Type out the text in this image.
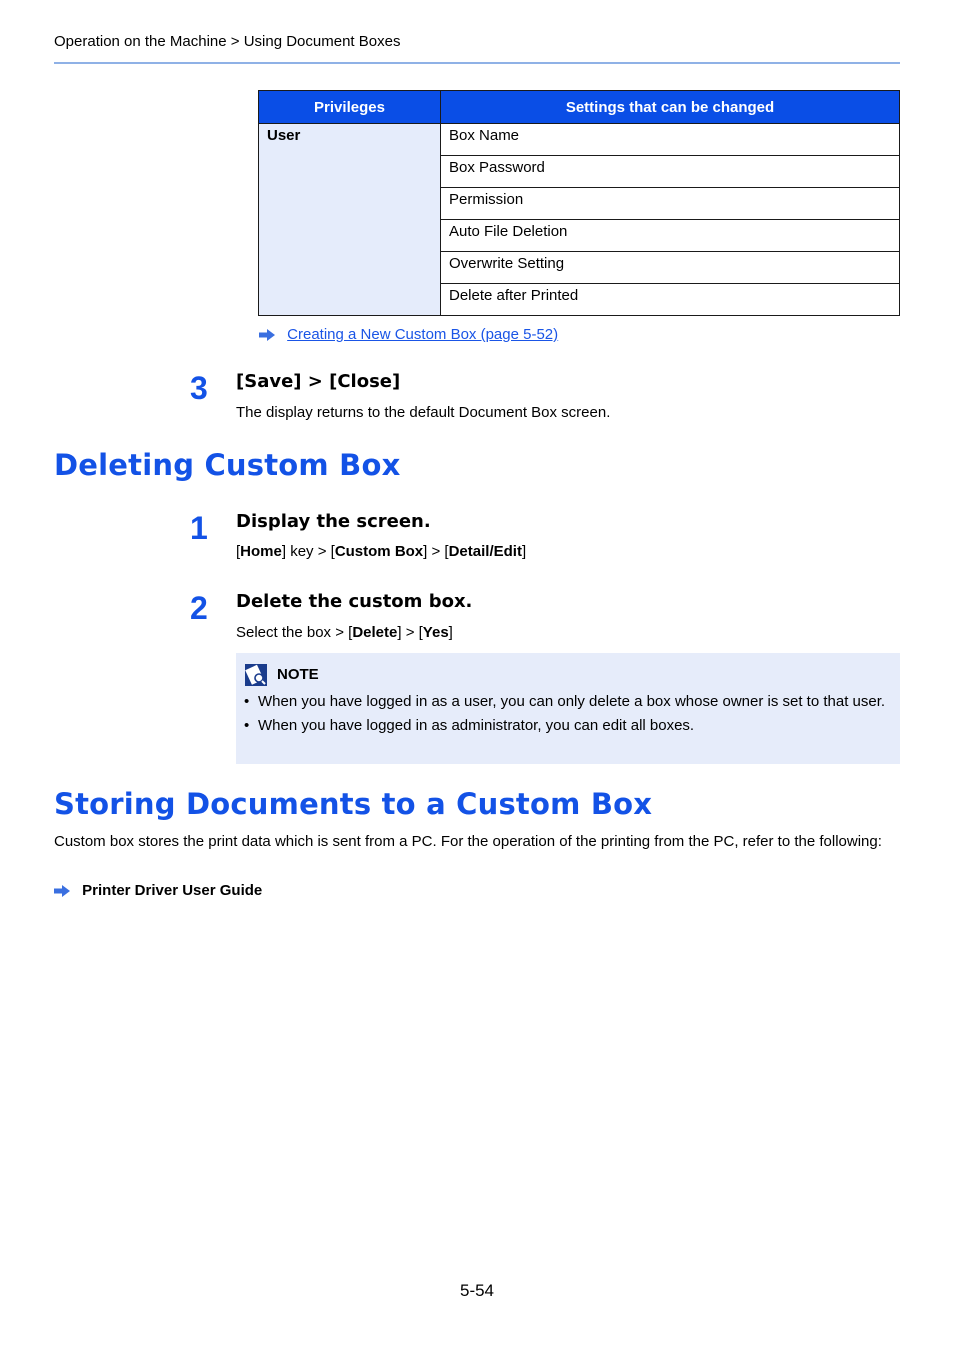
Operation on the Machine > Using Document Boxes
Privileges	Settings that can be changed
User	Box Name
	Box Password
	Permission
	Auto File Deletion
	Overwrite Setting
	Delete after Printed
Creating a New Custom Box (page 5-52)
3 [Save] > [Close]
The display returns to the default Document Box screen.
Deleting Custom Box
1 Display the screen.
[Home] key > [Custom Box] > [Detail/Edit]
2 Delete the custom box.
Select the box > [Delete] > [Yes]
NOTE
• When you have logged in as a user, you can only delete a box whose owner is set to that user.
• When you have logged in as administrator, you can edit all boxes.
Storing Documents to a Custom Box
Custom box stores the print data which is sent from a PC. For the operation of the printing from the PC, refer to the following:
Printer Driver User Guide
5-54
